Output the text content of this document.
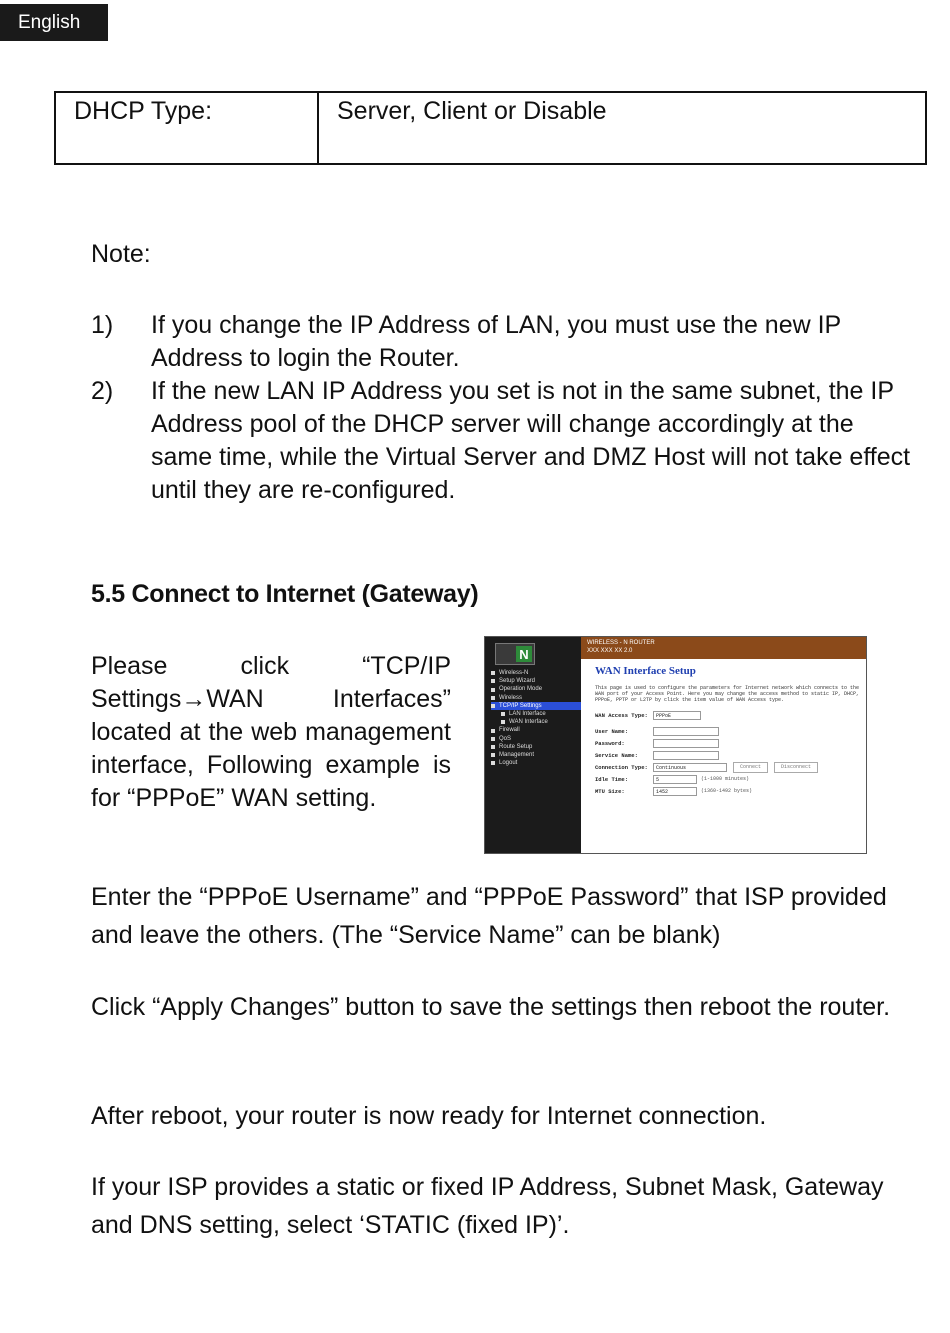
English
DHCP Type:	Server, Client or Disable
Note:
1)	If you change the IP Address of LAN, you must use the new IP Address to login the Router.
2)	If the new LAN IP Address you set is not in the same subnet, the IP Address pool of the DHCP server will change accordingly at the same time, while the Virtual Server and DMZ Host will not take effect until they are re-configured.
5.5 Connect to Internet (Gateway)
Please click “TCP/IP Settings→WAN Interfaces” located at the web management interface, Following example is for “PPPoE” WAN setting.
N
Wireless-N
Setup Wizard
Operation Mode
Wireless
TCP/IP Settings
LAN Interface
WAN Interface
Firewall
QoS
Route Setup
Management
Logout
WIRELESS - N ROUTER
XXX XXX XX 2.0
WAN Interface Setup
This page is used to configure the parameters for Internet network which connects to the WAN port of your Access Point. Here you may change the access method to static IP, DHCP, PPPoE, PPTP or L2TP by click the item value of WAN Access type.
WAN Access Type:	PPPoE
User Name:
Password:
Service Name:
Connection Type:	Continuous	Connect	Disconnect
Idle Time:	5	(1-1000 minutes)
MTU Size:	1452	(1360-1492 bytes)
Enter the “PPPoE Username” and “PPPoE Password” that ISP provided and leave the others. (The “Service Name” can be blank)
Click “Apply Changes” button to save the settings then reboot the router.
After reboot, your router is now ready for Internet connection.
If your ISP provides a static or fixed IP Address, Subnet Mask, Gateway and DNS setting, select ‘STATIC (fixed IP)’.
